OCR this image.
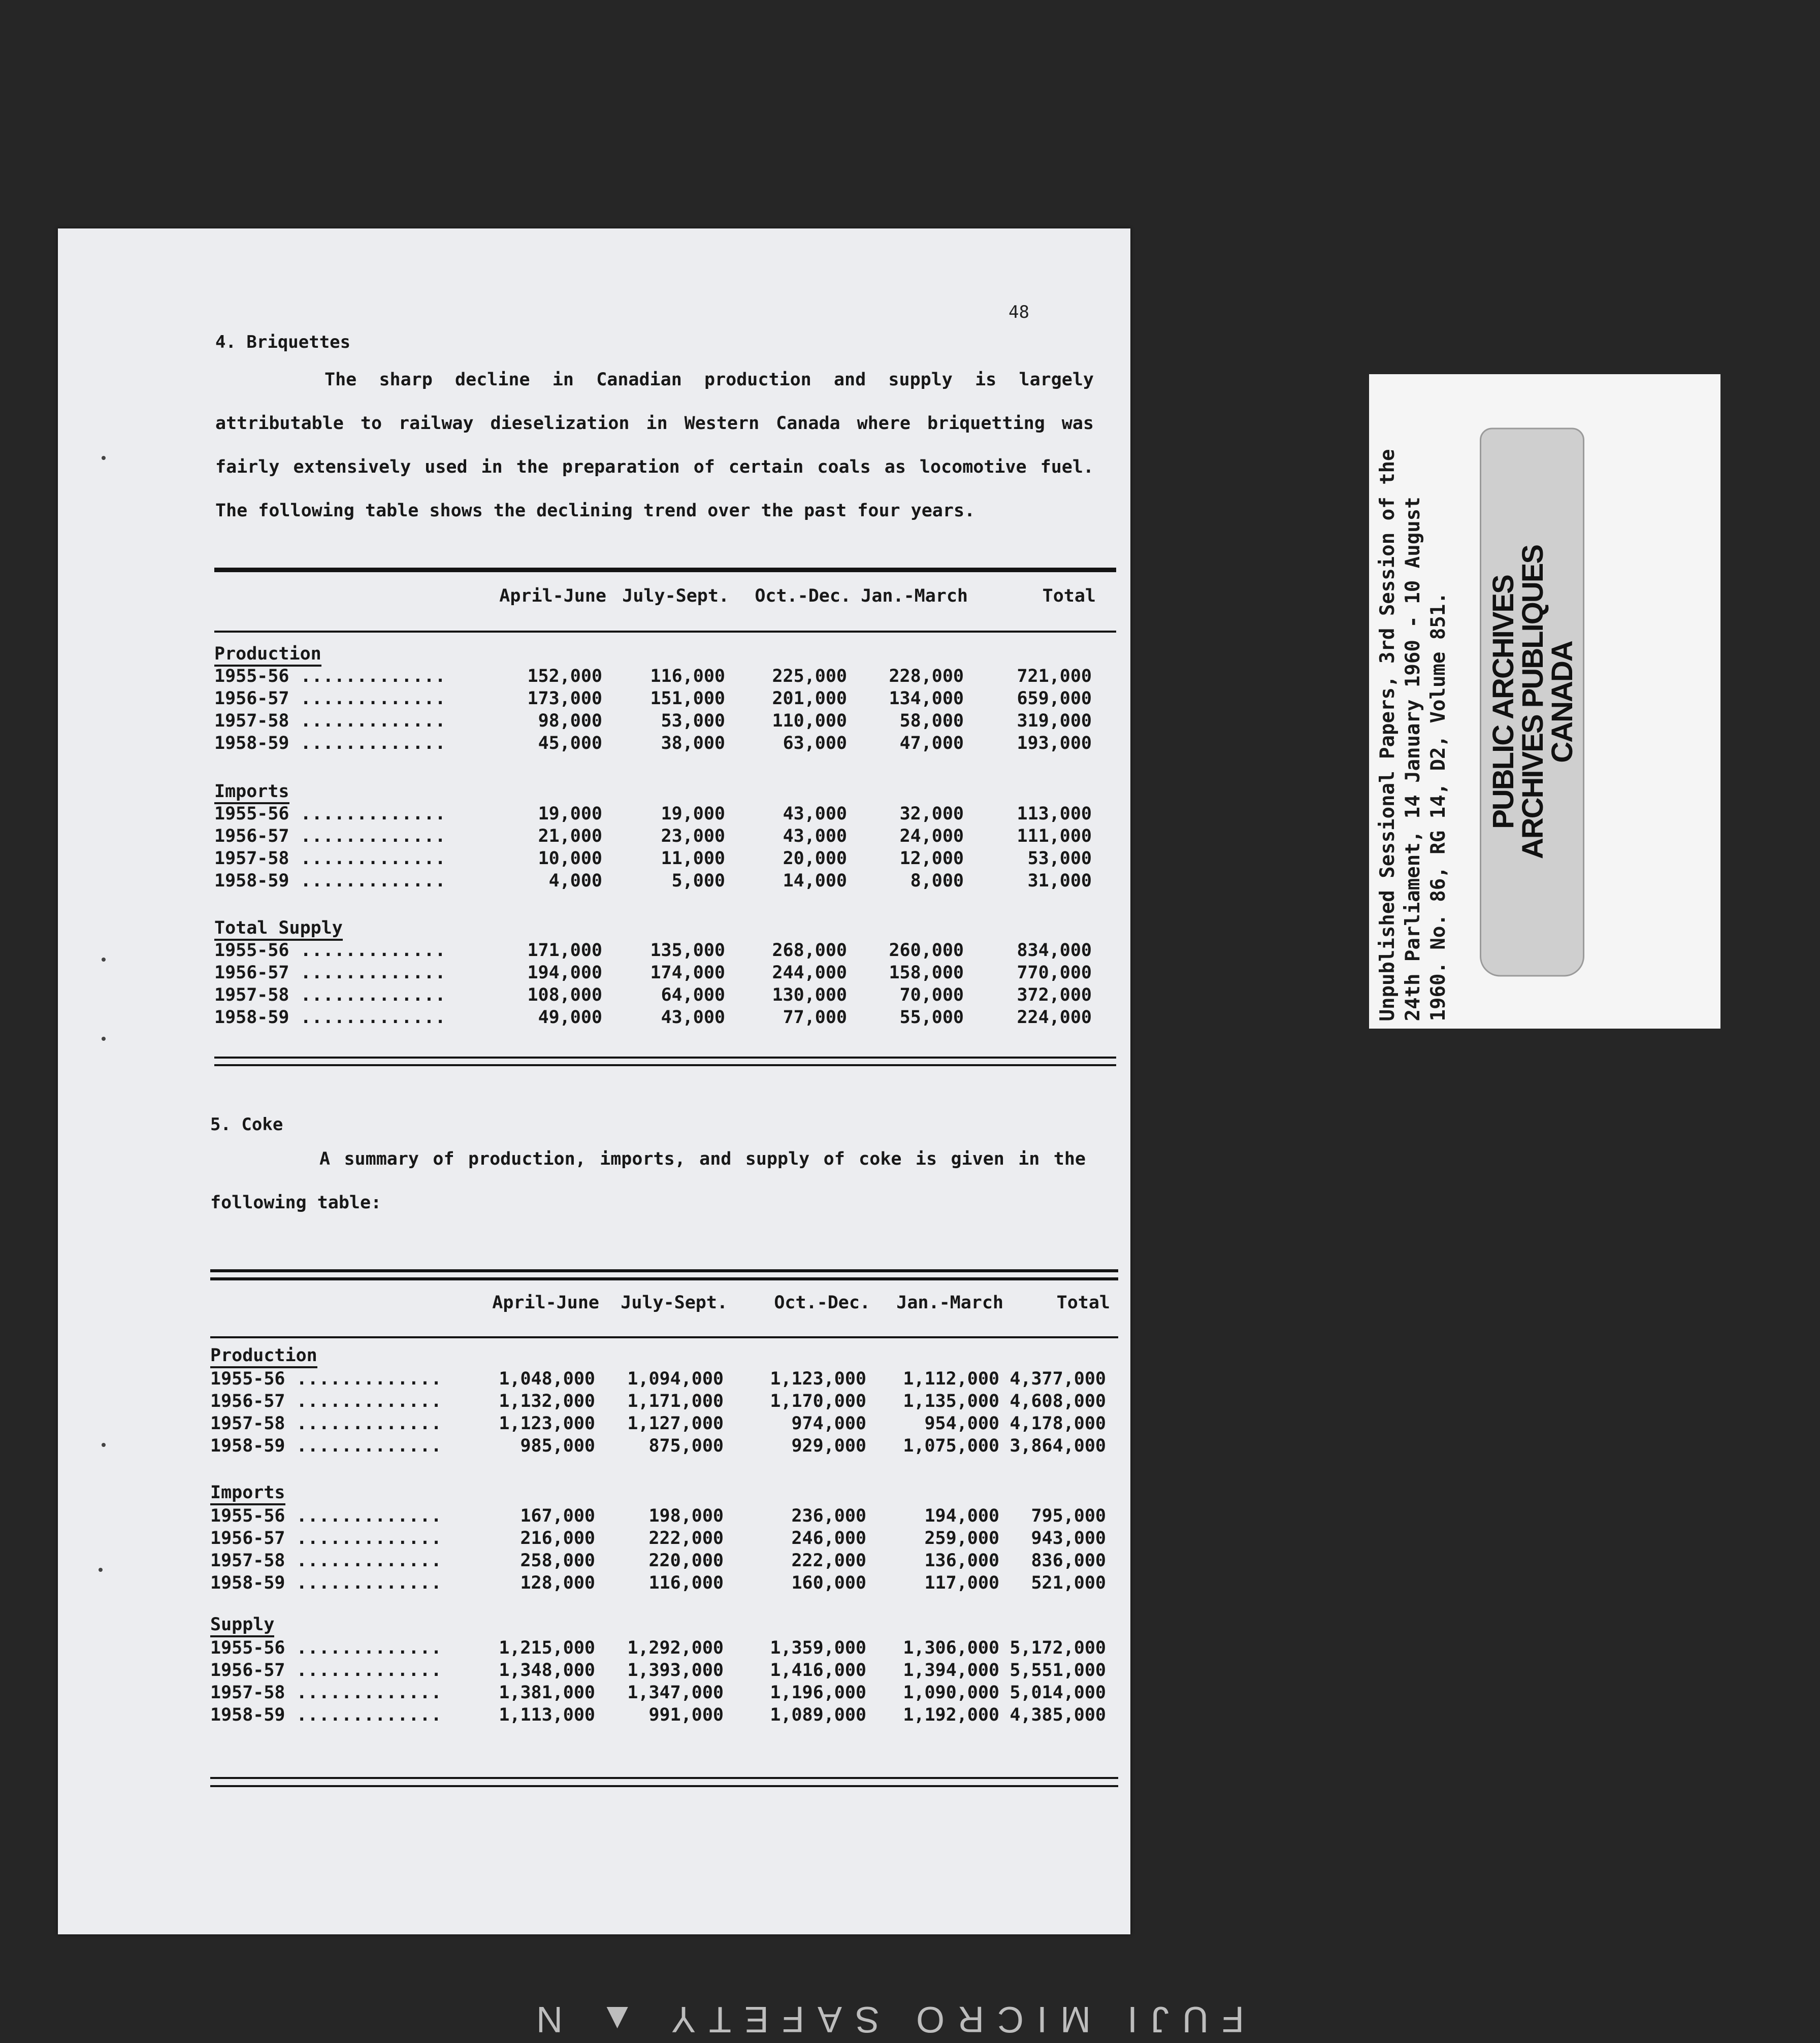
48
4. Briquettes

The sharp decline in Canadian production and supply is largely attributable to railway dieselization in Western Canada where briquetting was fairly extensively used in the preparation of certain coals as locomotive fuel. The following table shows the declining trend over the past four years.

April-June July-Sept. Oct.-Dec. Jan.-March	Total
Production
1955-56 .............	152,000	116,000	225,000 228,000	721,000
1956-57 .............	173,000	151,000	201,000 134,000	659,000
1957-58 .............	98,000	53,000	110,000	58,000	319,000
1958-59 .............	45,000	38,000	63,000	47,000	193,000
Imports
1955-56 .............	19,000	19,000	43,000	32,000	113,000
1956-57 .............	21,000	23,000	43,000	24,000	111,000
1957-58 .............	10,000	11,000	20,000	12,000	53,000
1958-59 .............	4,000	5,000	14,000	8,000	31,000
Total Supply
1955-56 .............	171,000	135,000	268,000 260,000	834,000
1956-57 .............	194,000	174,000	244,000 158,000	770,000
1957-58 .............	108,000	64,000	130,000	70,000	372,000
1958-59 .............	49,000	43,000	77,000	55,000	224,000
5. Coke

A summary of production, imports, and supply of coke is given in the following table:

April-June July-Sept.	Oct.-Dec. Jan.-March	Total
Production
1955-56 .............	1,048,000 1,094,000	1,123,000 1,112,000 4,377,000
1956-57 .............	1,132,000 1,171,000	1,170,000 1,135,000 4,608,000
1957-58 .............	1,123,000 1,127,000	974,000	954,000 4,178,000
1958-59 .............	985,000	875,000	929,000 1,075,000 3,864,000
Imports
1955-56 .............	167,000	198,000	236,000	194,000 795,000
1956-57 .............	216,000	222,000	246,000	259,000 943,000
1957-58 .............	258,000	220,000	222,000	136,000 836,000
1958-59 .............	128,000	116,000	160,000	117,000 521,000
Supply
1955-56 .............	1,215,000 1,292,000	1,359,000 1,306,000 5,172,000
1956-57 .............	1,348,000 1,393,000	1,416,000 1,394,000 5,551,000
1957-58 .............	1,381,000 1,347,000	1,196,000 1,090,000 5,014,000
1958-59 .............	1,113,000	991,000	1,089,000 1,192,000 4,385,000
Unpublished Sessional Papers, 3rd Session of the 24th Parliament, 14 January 1960 - 10 August 1960. No. 86, RG 14, D2, Volume 851. PUBLIC ARCHIVES
ARCHIVES PUBLIQUES
CANADA
FUJI MICRO SAFETY ▲ N
